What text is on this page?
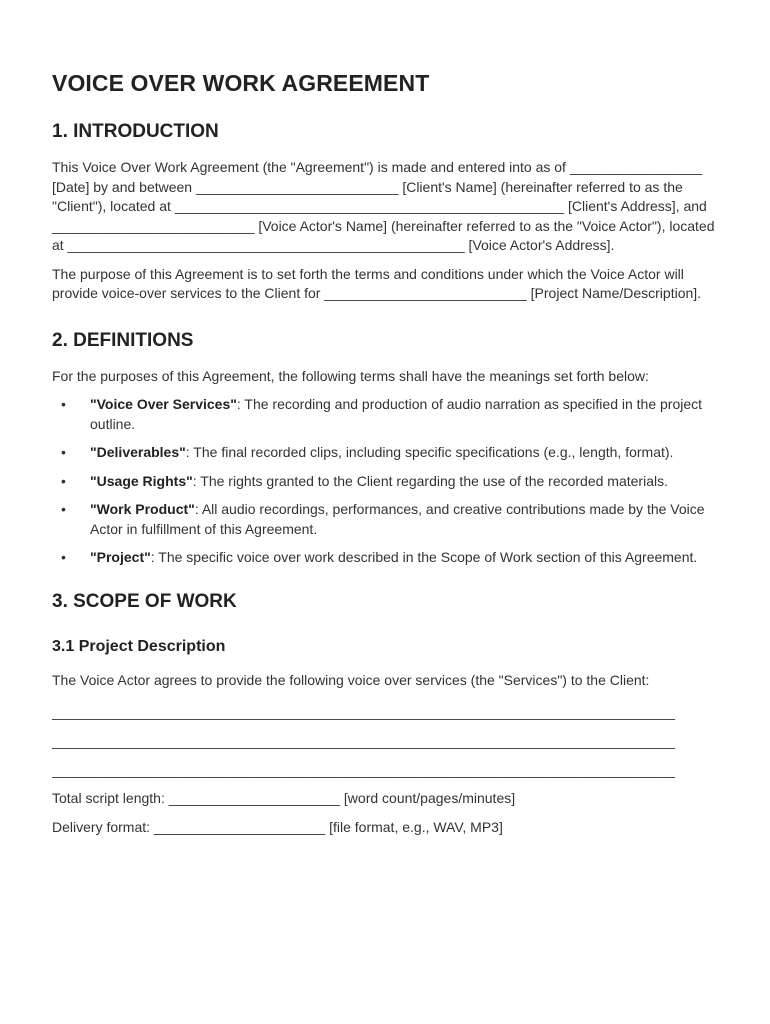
VOICE OVER WORK AGREEMENT
1. INTRODUCTION

This Voice Over Work Agreement (the "Agreement") is made and entered into as of _________________ [Date] by and between __________________________ [Client's Name] (hereinafter referred to as the "Client"), located at __________________________________________________ [Client's Address], and __________________________ [Voice Actor's Name] (hereinafter referred to as the "Voice Actor"), located at ___________________________________________________ [Voice Actor's Address].

The purpose of this Agreement is to set forth the terms and conditions under which the Voice Actor will provide voice-over services to the Client for __________________________ [Project Name/Description].

2. DEFINITIONS

For the purposes of this Agreement, the following terms shall have the meanings set forth below:

• "Voice Over Services": The recording and production of audio narration as specified in the project outline.
• "Deliverables": The final recorded clips, including specific specifications (e.g., length, format).
• "Usage Rights": The rights granted to the Client regarding the use of the recorded materials.
• "Work Product": All audio recordings, performances, and creative contributions made by the Voice Actor in fulfillment of this Agreement.
• "Project": The specific voice over work described in the Scope of Work section of this Agreement.
3. SCOPE OF WORK
3.1 Project Description

The Voice Actor agrees to provide the following voice over services (the "Services") to the Client:

________________________________________________________________________________
________________________________________________________________________________
________________________________________________________________________________

Total script length: ______________________ [word count/pages/minutes]

Delivery format: ______________________ [file format, e.g., WAV, MP3]
